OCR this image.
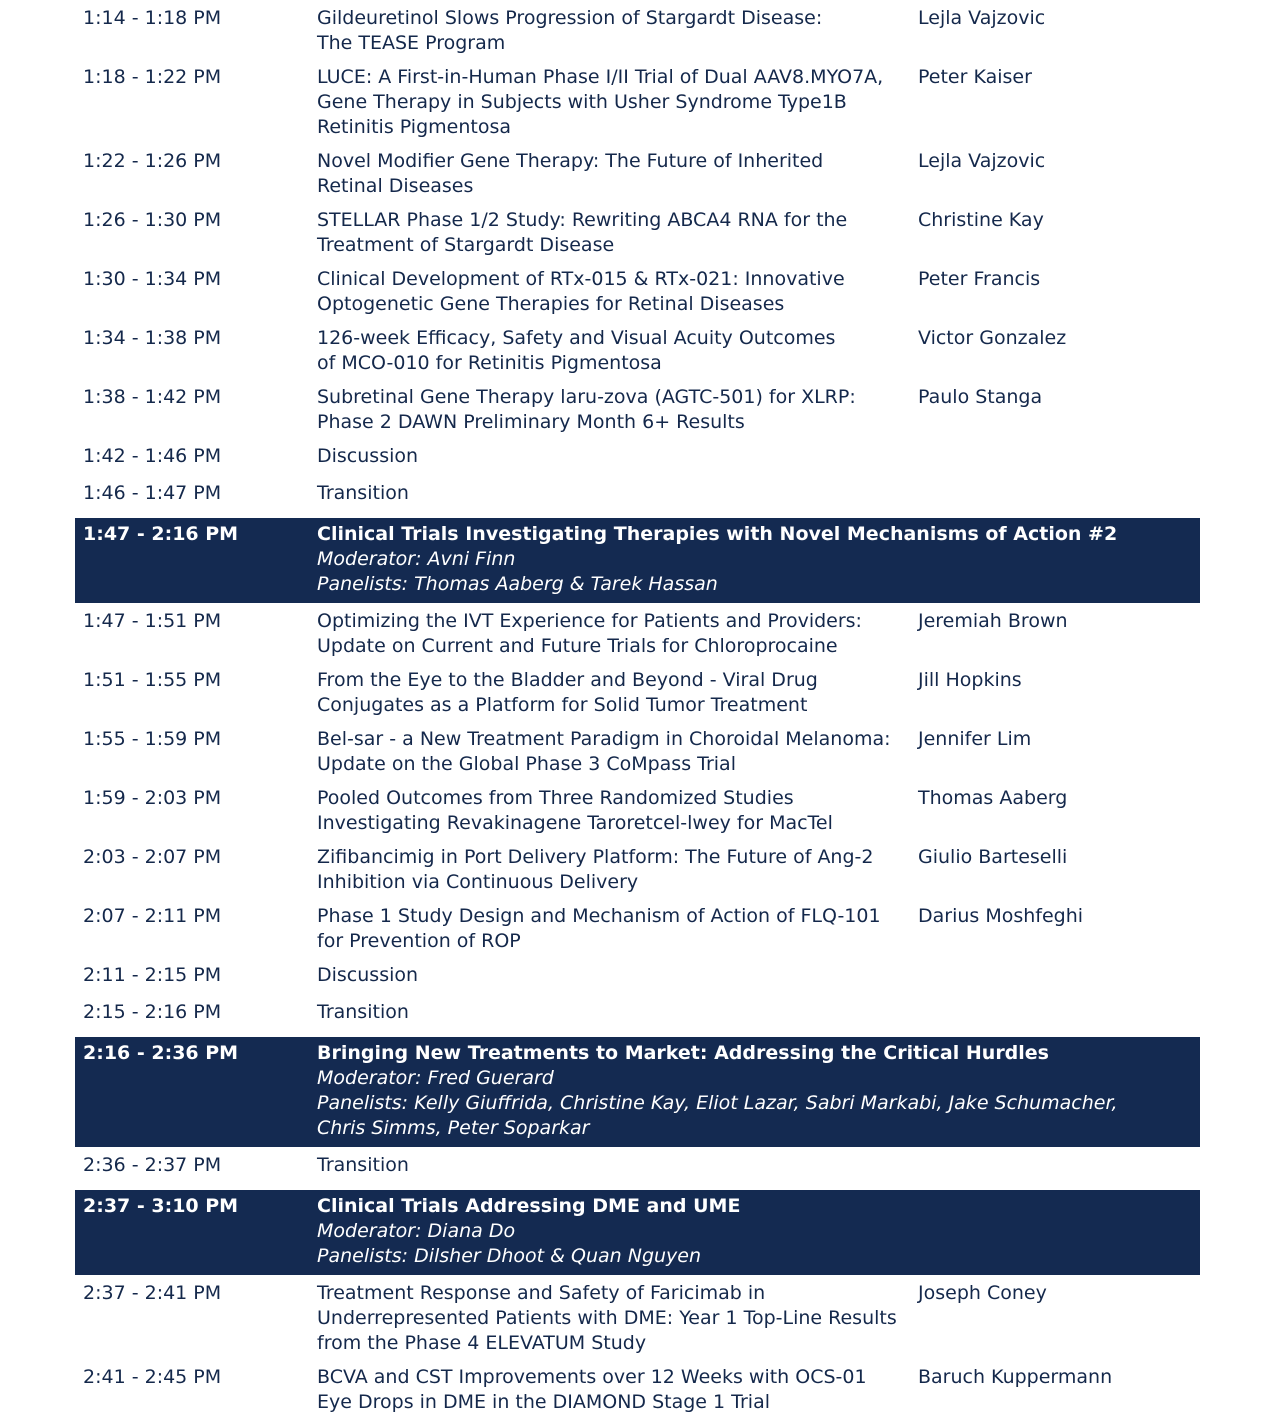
1:14 - 1:18 PM	Gildeuretinol Slows Progression of Stargardt Disease:
The TEASE Program
Lejla Vajzovic
1:18 - 1:22 PM	LUCE: A First-in-Human Phase I/II Trial of Dual AAV8.MYO7A,
Gene Therapy in Subjects with Usher Syndrome Type1B
Retinitis Pigmentosa
Peter Kaiser
1:22 - 1:26 PM	Novel Modifier Gene Therapy: The Future of Inherited
Retinal Diseases
Lejla Vajzovic
1:26 - 1:30 PM	STELLAR Phase 1/2 Study: Rewriting ABCA4 RNA for the
Treatment of Stargardt Disease
Christine Kay
1:30 - 1:34 PM	Clinical Development of RTx-015 & RTx-021: Innovative
Optogenetic Gene Therapies for Retinal Diseases
Peter Francis
1:34 - 1:38 PM	126-week Efficacy, Safety and Visual Acuity Outcomes
of MCO-010 for Retinitis Pigmentosa
Victor Gonzalez
1:38 - 1:42 PM	Subretinal Gene Therapy laru-zova (AGTC-501) for XLRP:
Phase 2 DAWN Preliminary Month 6+ Results
Paulo Stanga
1:42 - 1:46 PM	Discussion
1:46 - 1:47 PM	Transition
1:47 - 2:16 PM	Clinical Trials Investigating Therapies with Novel Mechanisms of Action #2
Moderator: Avni Finn
Panelists: Thomas Aaberg & Tarek Hassan
1:47 - 1:51 PM	Optimizing the IVT Experience for Patients and Providers:
Update on Current and Future Trials for Chloroprocaine
Jeremiah Brown
1:51 - 1:55 PM	From the Eye to the Bladder and Beyond - Viral Drug
Conjugates as a Platform for Solid Tumor Treatment
Jill Hopkins
1:55 - 1:59 PM	Bel-sar - a New Treatment Paradigm in Choroidal Melanoma:
Update on the Global Phase 3 CoMpass Trial
Jennifer Lim
1:59 - 2:03 PM	Pooled Outcomes from Three Randomized Studies
Investigating Revakinagene Taroretcel-lwey for MacTel
Thomas Aaberg
2:03 - 2:07 PM	Zifibancimig in Port Delivery Platform: The Future of Ang-2
Inhibition via Continuous Delivery
Giulio Barteselli
2:07 - 2:11 PM	Phase 1 Study Design and Mechanism of Action of FLQ-101
for Prevention of ROP
Darius Moshfeghi
2:11 - 2:15 PM	Discussion
2:15 - 2:16 PM	Transition
2:16 - 2:36 PM	Bringing New Treatments to Market: Addressing the Critical Hurdles
Moderator: Fred Guerard
Panelists: Kelly Giuffrida, Christine Kay, Eliot Lazar, Sabri Markabi, Jake Schumacher,
Chris Simms, Peter Soparkar
2:36 - 2:37 PM	Transition
2:37 - 3:10 PM	Clinical Trials Addressing DME and UME
Moderator: Diana Do
Panelists: Dilsher Dhoot & Quan Nguyen
2:37 - 2:41 PM	Treatment Response and Safety of Faricimab in
Underrepresented Patients with DME: Year 1 Top-Line Results
from the Phase 4 ELEVATUM Study
Joseph Coney
2:41 - 2:45 PM	BCVA and CST Improvements over 12 Weeks with OCS-01
Eye Drops in DME in the DIAMOND Stage 1 Trial
Baruch Kuppermann
